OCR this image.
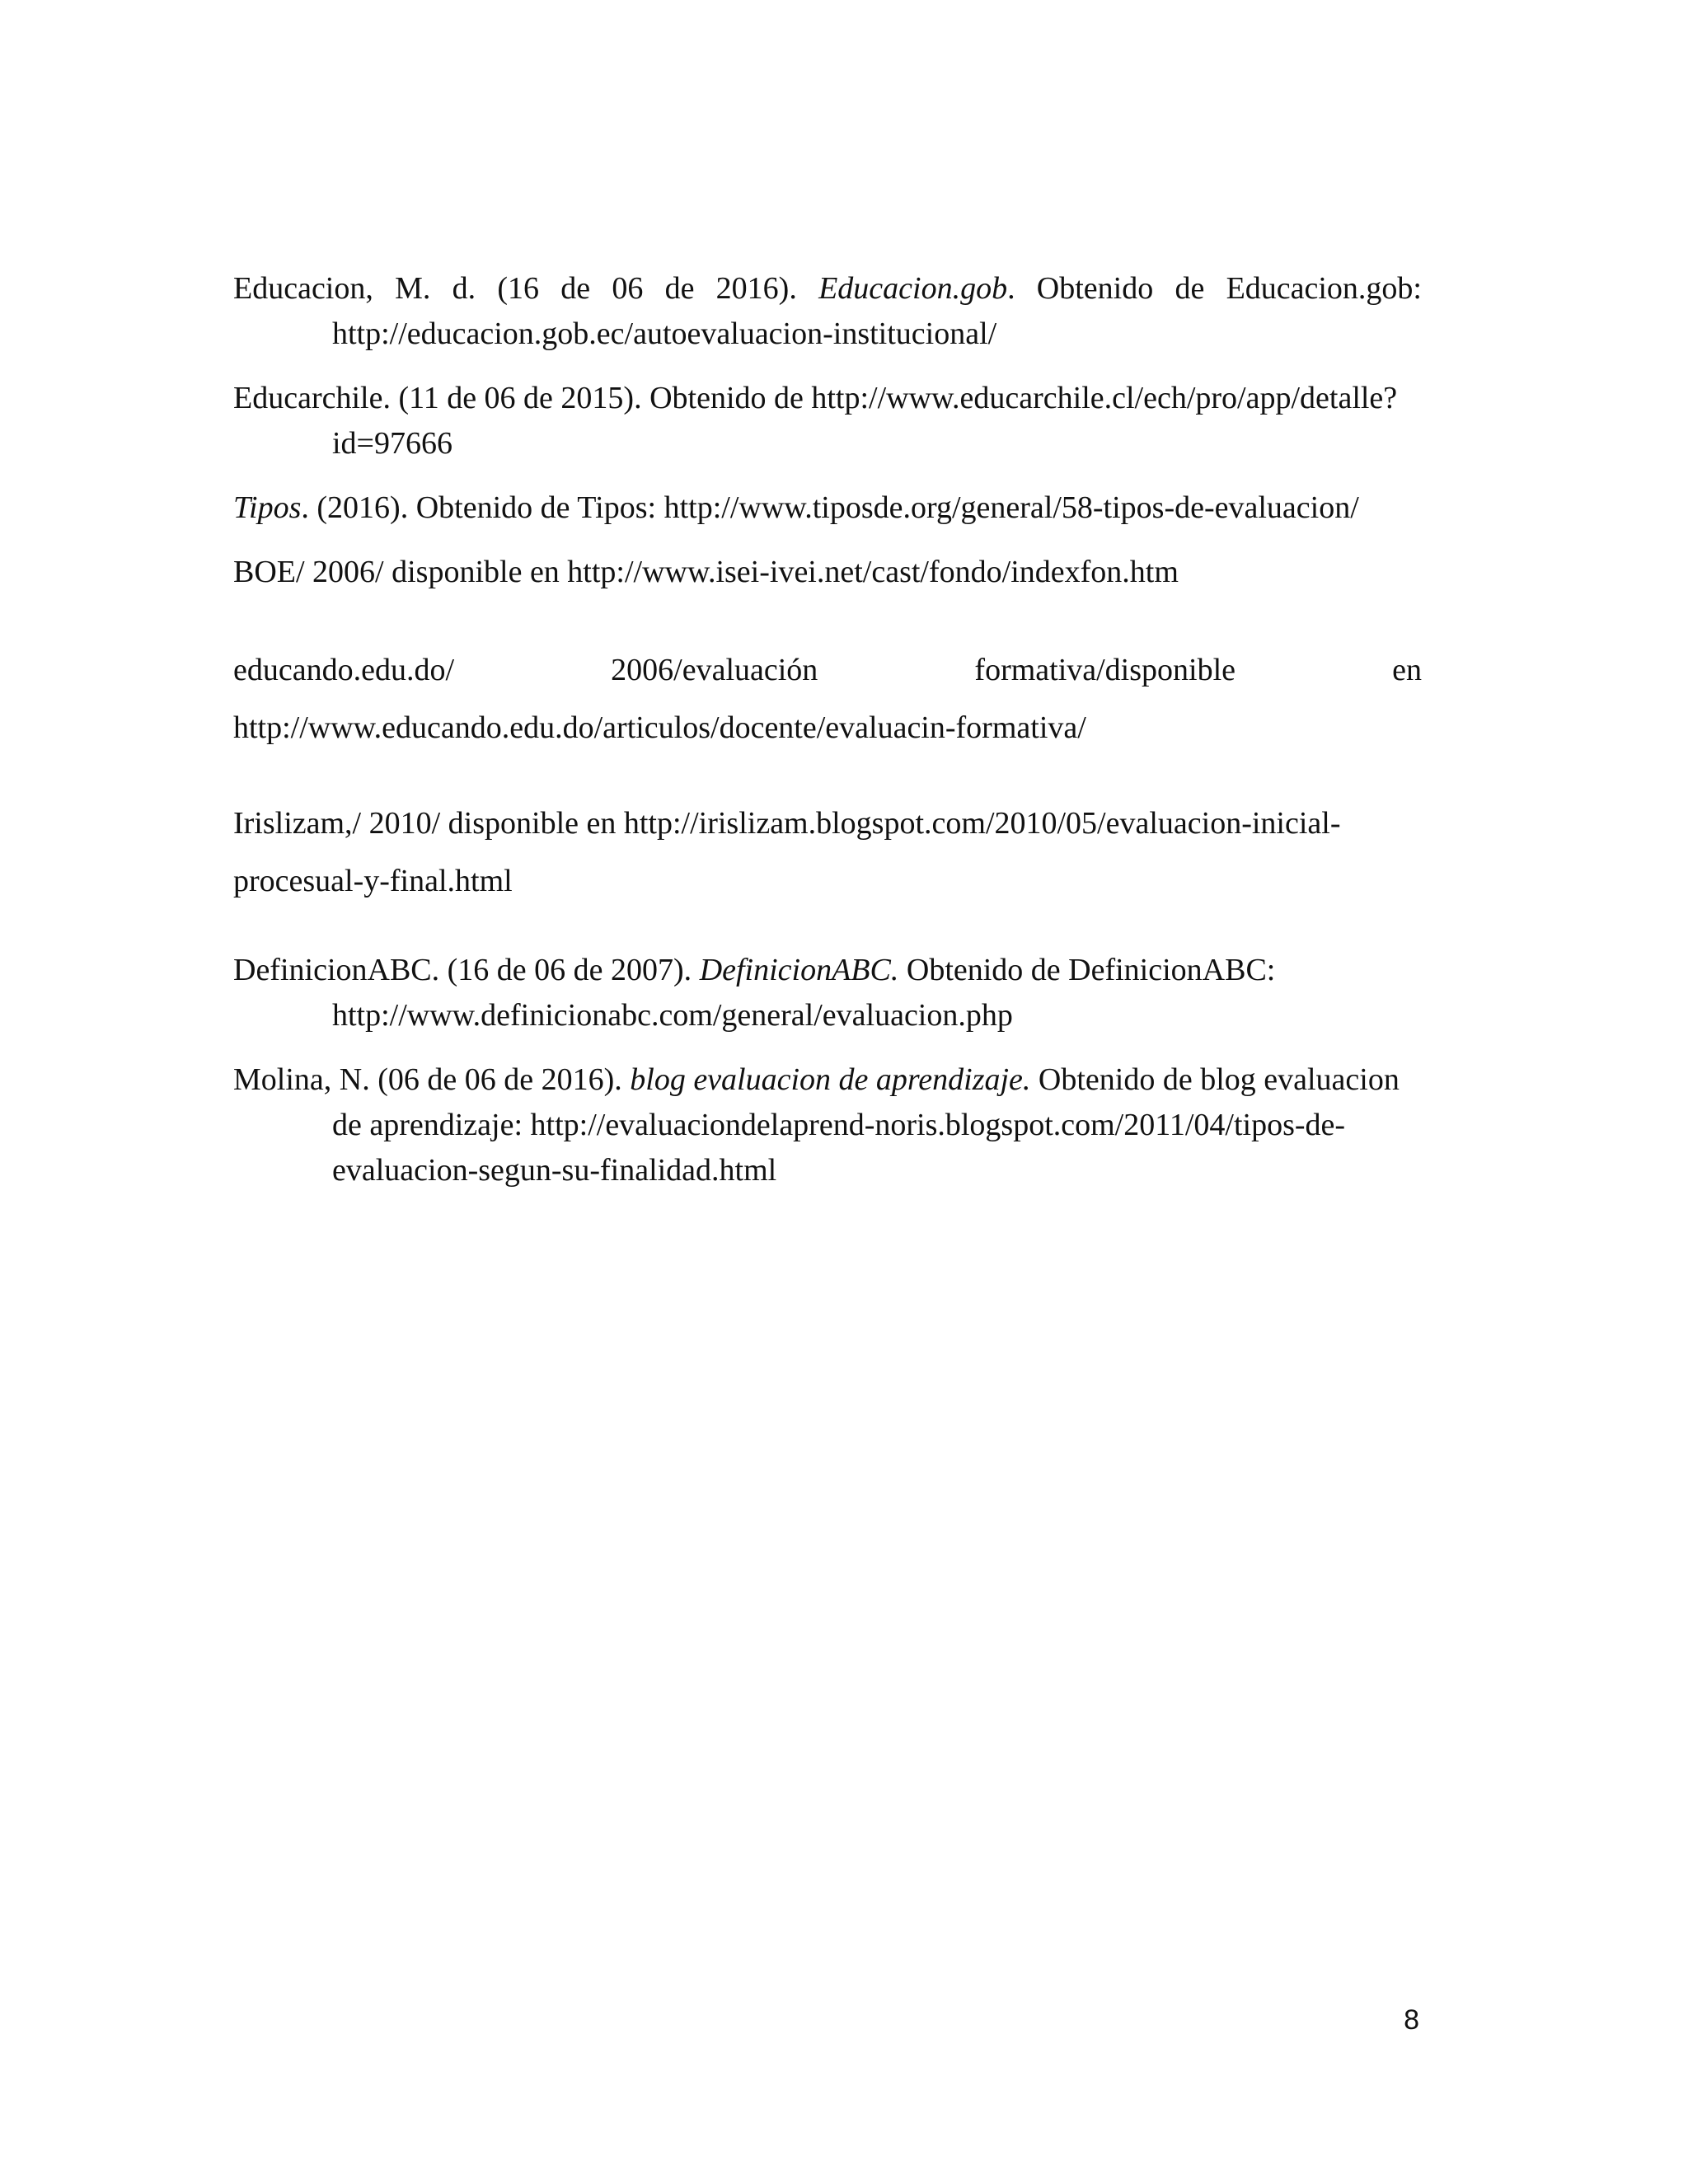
Educacion, M. d. (16 de 06 de 2016). Educacion.gob. Obtenido de Educacion.gob: http://educacion.gob.ec/autoevaluacion-institucional/

Educarchile. (11 de 06 de 2015). Obtenido de http://www.educarchile.cl/ech/pro/app/detalle?id=97666

Tipos. (2016). Obtenido de Tipos: http://www.tiposde.org/general/58-tipos-de-evaluacion/

BOE/ 2006/ disponible en http://www.isei-ivei.net/cast/fondo/indexfon.htm

educando.edu.do/ 2006/evaluación formativa/disponible en
http://www.educando.edu.do/articulos/docente/evaluacin-formativa/

Irislizam,/ 2010/ disponible en http://irislizam.blogspot.com/2010/05/evaluacion-inicial-
procesual-y-final.html

DefinicionABC. (16 de 06 de 2007). DefinicionABC. Obtenido de DefinicionABC: http://www.definicionabc.com/general/evaluacion.php

Molina, N. (06 de 06 de 2016). blog evaluacion de aprendizaje. Obtenido de blog evaluacion de aprendizaje: http://evaluaciondelaprend-noris.blogspot.com/2011/04/tipos-de-evaluacion-segun-su-finalidad.html

8
